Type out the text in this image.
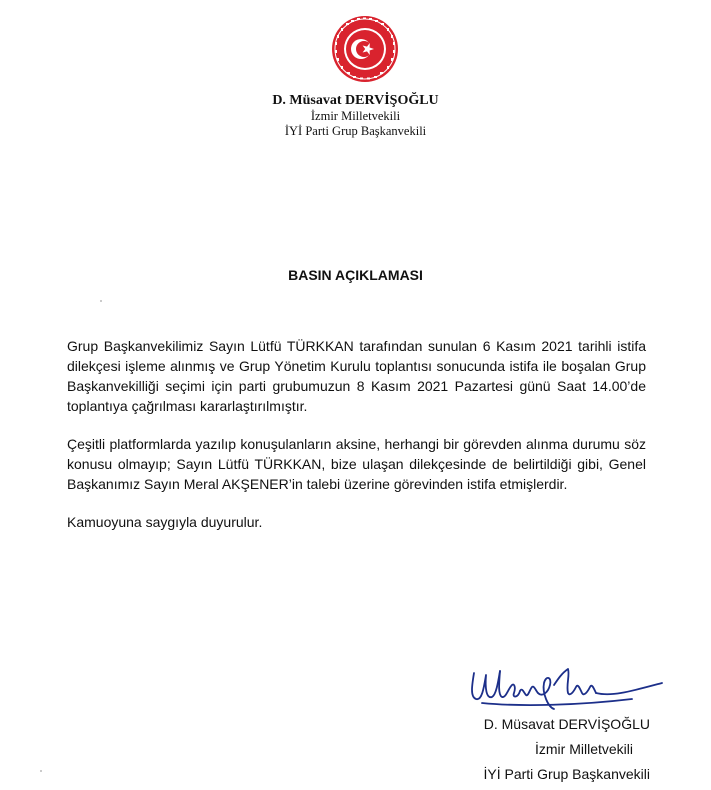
D. Müsavat DERVİŞOĞLU
İzmir Milletvekili
İYİ Parti Grup Başkanvekili
BASIN AÇIKLAMASI

Grup Başkanvekilimiz Sayın Lütfü TÜRKKAN tarafından sunulan 6 Kasım 2021 tarihli istifa dilekçesi işleme alınmış ve Grup Yönetim Kurulu toplantısı sonucunda istifa ile boşalan Grup Başkanvekilliği seçimi için parti grubumuzun 8 Kasım 2021 Pazartesi günü Saat 14.00’de toplantıya çağrılması kararlaştırılmıştır.

Çeşitli platformlarda yazılıp konuşulanların aksine, herhangi bir görevden alınma durumu söz konusu olmayıp; Sayın Lütfü TÜRKKAN, bize ulaşan dilekçesinde de belirtildiği gibi, Genel Başkanımız Sayın Meral AKŞENER’in talebi üzerine görevinden istifa etmişlerdir.

Kamuoyuna saygıyla duyurulur.

D. Müsavat DERVİŞOĞLU
İzmir Milletvekili
İYİ Parti Grup Başkanvekili
